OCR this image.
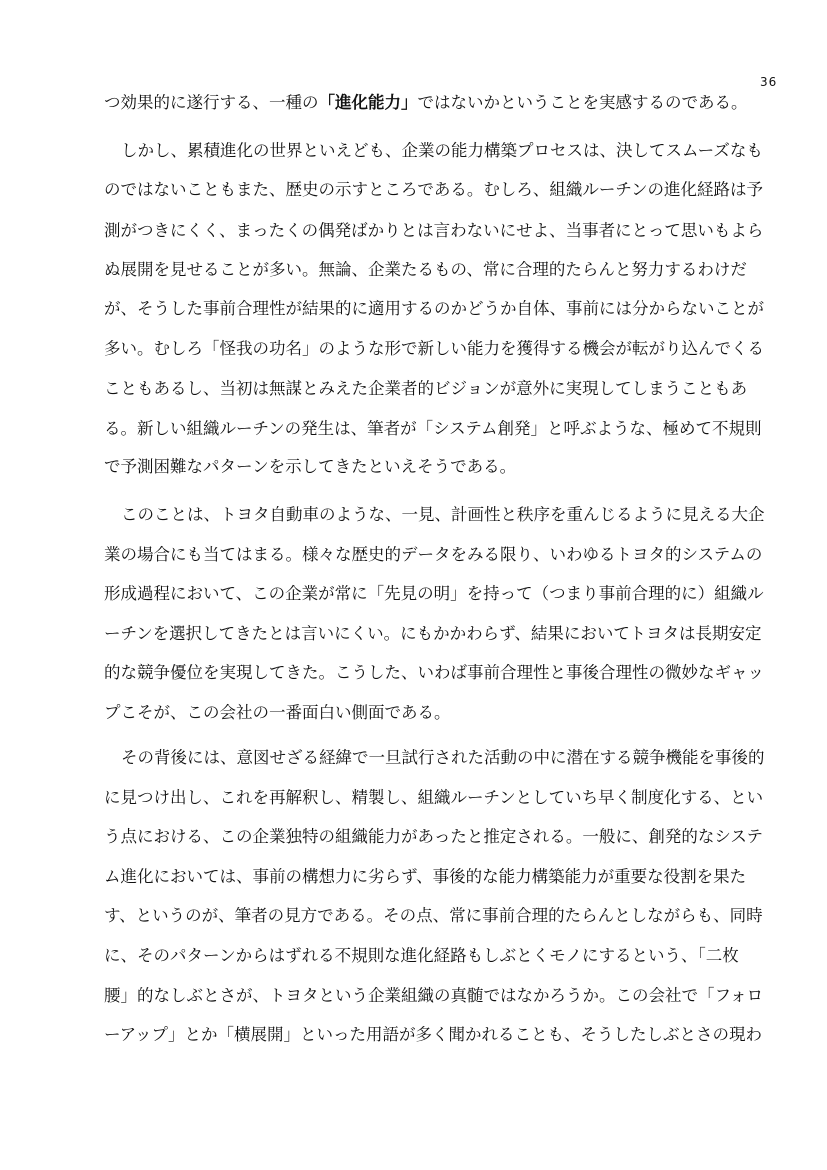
36
つ効果的に遂行する、一種の「進化能力」ではないかということを実感するのである。
しかし、累積進化の世界といえども、企業の能力構築プロセスは、決してスムーズなも
のではないこともまた、歴史の示すところである。むしろ、組織ルーチンの進化経路は予
測がつきにくく、まったくの偶発ばかりとは言わないにせよ、当事者にとって思いもよら
ぬ展開を見せることが多い。無論、企業たるもの、常に合理的たらんと努力するわけだ
が、そうした事前合理性が結果的に適用するのかどうか自体、事前には分からないことが
多い。むしろ「怪我の功名」のような形で新しい能力を獲得する機会が転がり込んでくる
こともあるし、当初は無謀とみえた企業者的ビジョンが意外に実現してしまうこともあ
る。新しい組織ルーチンの発生は、筆者が「システム創発」と呼ぶような、極めて不規則
で予測困難なパターンを示してきたといえそうである。
このことは、トヨタ自動車のような、一見、計画性と秩序を重んじるように見える大企
業の場合にも当てはまる。様々な歴史的データをみる限り、いわゆるトヨタ的システムの
形成過程において、この企業が常に「先見の明」を持って（つまり事前合理的に）組織ル
ーチンを選択してきたとは言いにくい。にもかかわらず、結果においてトヨタは長期安定
的な競争優位を実現してきた。こうした、いわば事前合理性と事後合理性の微妙なギャッ
プこそが、この会社の一番面白い側面である。
その背後には、意図せざる経緯で一旦試行された活動の中に潜在する競争機能を事後的
に見つけ出し、これを再解釈し、精製し、組織ルーチンとしていち早く制度化する、とい
う点における、この企業独特の組織能力があったと推定される。一般に、創発的なシステ
ム進化においては、事前の構想力に劣らず、事後的な能力構築能力が重要な役割を果た
す、というのが、筆者の見方である。その点、常に事前合理的たらんとしながらも、同時
に、そのパターンからはずれる不規則な進化経路もしぶとくモノにするという、「二枚
腰」的なしぶとさが、トヨタという企業組織の真髄ではなかろうか。この会社で「フォロ
ーアップ」とか「横展開」といった用語が多く聞かれることも、そうしたしぶとさの現わ
